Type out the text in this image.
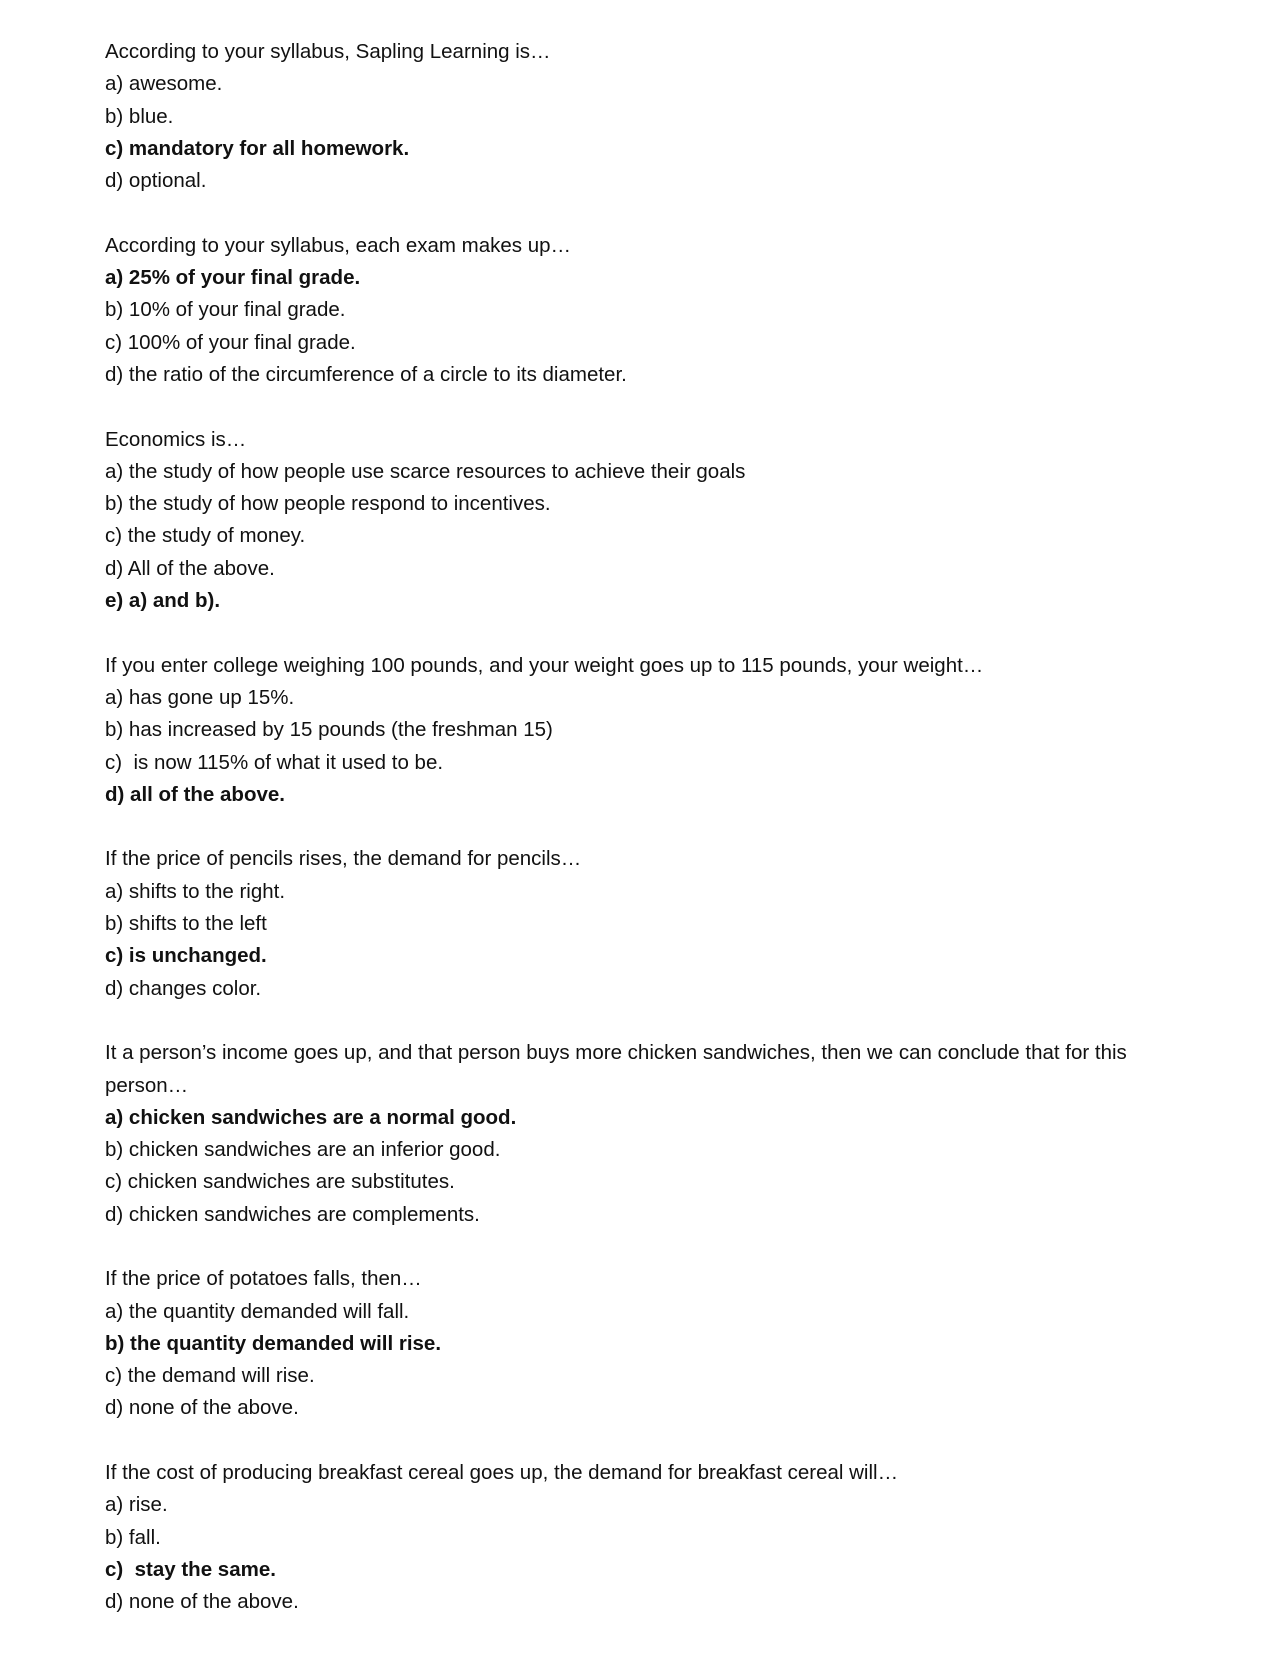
According to your syllabus, Sapling Learning is…

a) awesome.

b) blue.

c) mandatory for all homework.

d) optional.

According to your syllabus, each exam makes up…

a) 25% of your final grade.

b) 10% of your final grade.

c) 100% of your final grade.

d) the ratio of the circumference of a circle to its diameter.

Economics is…

a) the study of how people use scarce resources to achieve their goals

b) the study of how people respond to incentives.

c) the study of money.

d) All of the above.

e) a) and b).

If you enter college weighing 100 pounds, and your weight goes up to 115 pounds, your weight…

a) has gone up 15%.

b) has increased by 15 pounds (the freshman 15)

c)  is now 115% of what it used to be.

d) all of the above.

If the price of pencils rises, the demand for pencils…

a) shifts to the right.

b) shifts to the left

c) is unchanged.

d) changes color.

It a person’s income goes up, and that person buys more chicken sandwiches, then we can conclude that for this person…

a) chicken sandwiches are a normal good.

b) chicken sandwiches are an inferior good.

c) chicken sandwiches are substitutes.

d) chicken sandwiches are complements.

If the price of potatoes falls, then…

a) the quantity demanded will fall.

b) the quantity demanded will rise.

c) the demand will rise.

d) none of the above.

If the cost of producing breakfast cereal goes up, the demand for breakfast cereal will…

a) rise.

b) fall.

c)  stay the same.

d) none of the above.
